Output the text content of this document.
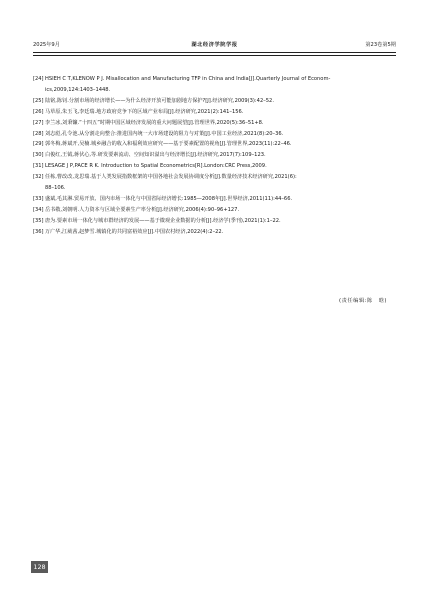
2025年9月	湖北经济学院学报	第23卷第5期
[24] HSIEH C T,KLENOW P J. Misallocation and Manufacturing TFP in China and India[J].Quarterly Journal of Econom-
ics,2009,124:1403–1448.
[25] 陆铭,陈钊.分割市场的经济增长——为什么经济开放可能加剧地方保护?[J].经济研究,2009(3):42–52.
[26] 马草原,朱玉飞,李廷瑞.地方政府竞争下的区域产业布局[J].经济研究,2021(2):141–156.
[27] 李兰冰,刘秉镰.“十四五”时期中国区域经济发展的重大问题展望[J].管理世界,2020(5):36–51+8.
[28] 刘志彪,孔令池.从分割走向整合:推进国内统一大市场建设的阻力与对策[J].中国工业经济,2021(8):20–36.
[29] 郭冬梅,蒋斌开,吴楠.城乡融合的收入和福利效应研究——基于要素配置的视角[J].管理世界,2023(11):22–46.
[30] 白俊红,王钺,蒋伏心,等.研发要素流动、空间知识溢出与经济增长[J].经济研究,2017(7):109–123.
[31] LESAGE J P,PACE R K. Introduction to Spatial Econometrics[R].London:CRC Press,2009.
[32] 任栋,曹改改,龙思瑞.基于人类发展指数框架的中国各地社会发展协调度分析[J].数量经济技术经济研究,2021(6):
88–106.
[33] 盛斌,毛其淋.贸易开放、国内市场一体化与中国省际经济增长:1985—2008年[J].世界经济,2011(11):44–66.
[34] 岳书敬,刘朝明.人力资本与区域全要素生产率分析[J].经济研究,2006(4):90–96+127.
[35] 唐为.要素市场一体化与城市群经济的发展——基于微观企业数据的分析[J].经济学(季刊),2021(1):1–22.
[36] 万广华,江葳茜,赵梦雪.城镇化的共同富裕效应[J].中国农村经济,2022(4):2–22.
(责任编辑:陈　晗)
128
